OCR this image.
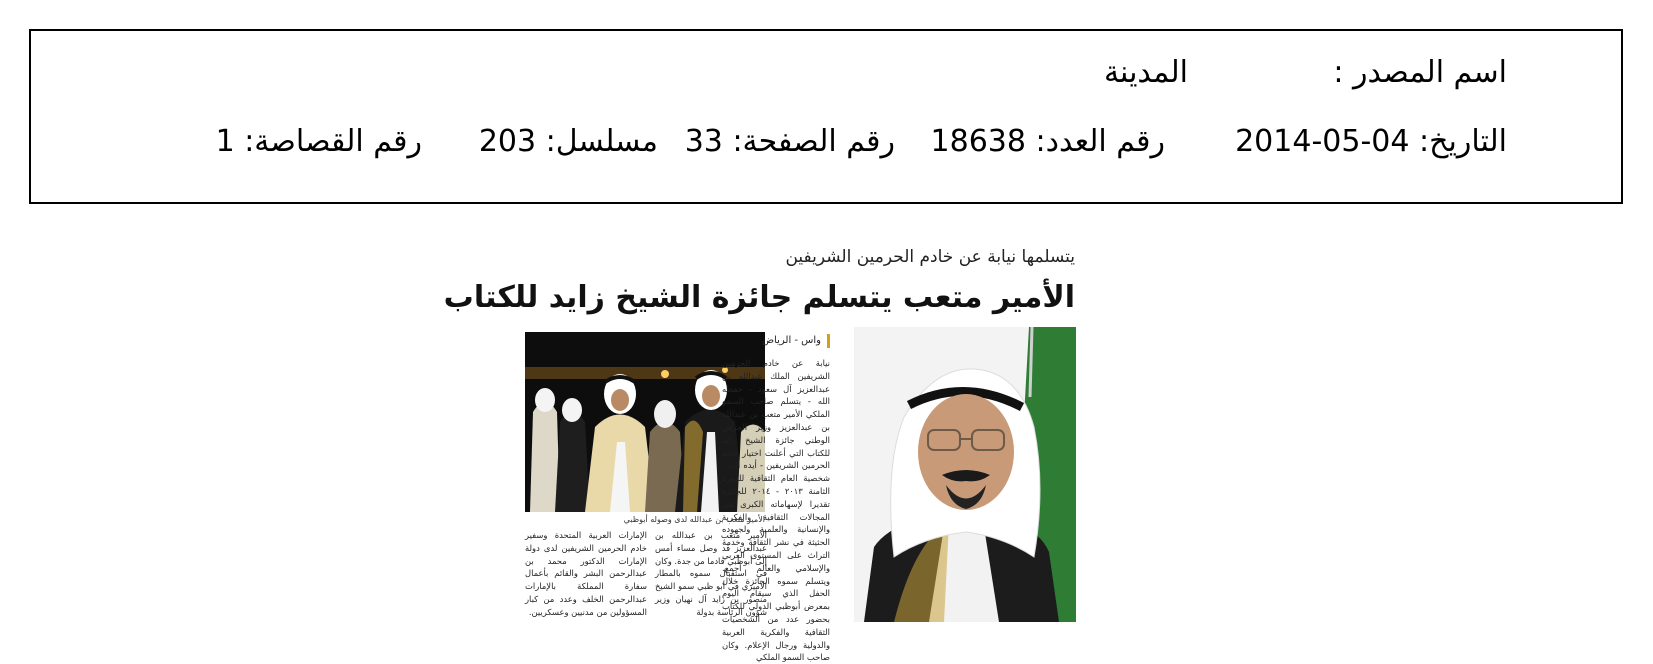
اسم المصدر :
المدينة
التاريخ: 04-05-2014
رقم العدد: 18638
رقم الصفحة: 33
مسلسل: 203
رقم القصاصة: 1
يتسلمها نيابة عن خادم الحرمين الشريفين
الأمير متعب يتسلم جائزة الشيخ زايد للكتاب
الأمير متعب بن عبدالله لدى وصوله أبوظبي
واس - الرياض
نيابة عن خادم الحرمين الشريفين الملك عبدالله بن عبدالعزيز آل سعود - حفظه الله - يتسلم صاحب السمو الملكي الأمير متعب بن عبدالله بن عبدالعزيز وزير الحرس الوطني جائزة الشيخ زايد للكتاب التي أعلنت اختيار خادم الحرمين الشريفين - أيده الله - شخصية العام الثقافية للدورة الثامنة ٢٠١٣ - ٢٠١٤ للجائزة تقديرا لإسهاماته الكبرى في المجالات الثقافية والفكرية والإنسانية والعلمية ولجهوده الحثيثة في نشر الثقافة وخدمة التراث على المستوى العربي والإسلامي والعالم أجمع. ويتسلم سموه الجائزة خلال الحفل الذي سيقام اليوم بمعرض أبوظبي الدولي للكتاب بحضور عدد من الشخصيات الثقافية والفكرية العربية والدولية ورجال الإعلام. وكان صاحب السمو الملكي
الأمير متعب بن عبدالله بن عبدالعزيز قد وصل مساء أمس إلى أبوظبي قادما من جدة. وكان في استقبال سموه بالمطار الأميري في أبو ظبي سمو الشيخ منصور بن زايد آل نهيان وزير شؤون الرئاسة بدولة
الإمارات العربية المتحدة وسفير خادم الحرمين الشريفين لدى دولة الإمارات الدكتور محمد بن عبدالرحمن البشر والقائم بأعمال سفارة المملكة بالإمارات عبدالرحمن الخلف وعدد من كبار المسؤولين من مدنيين وعسكريين.
